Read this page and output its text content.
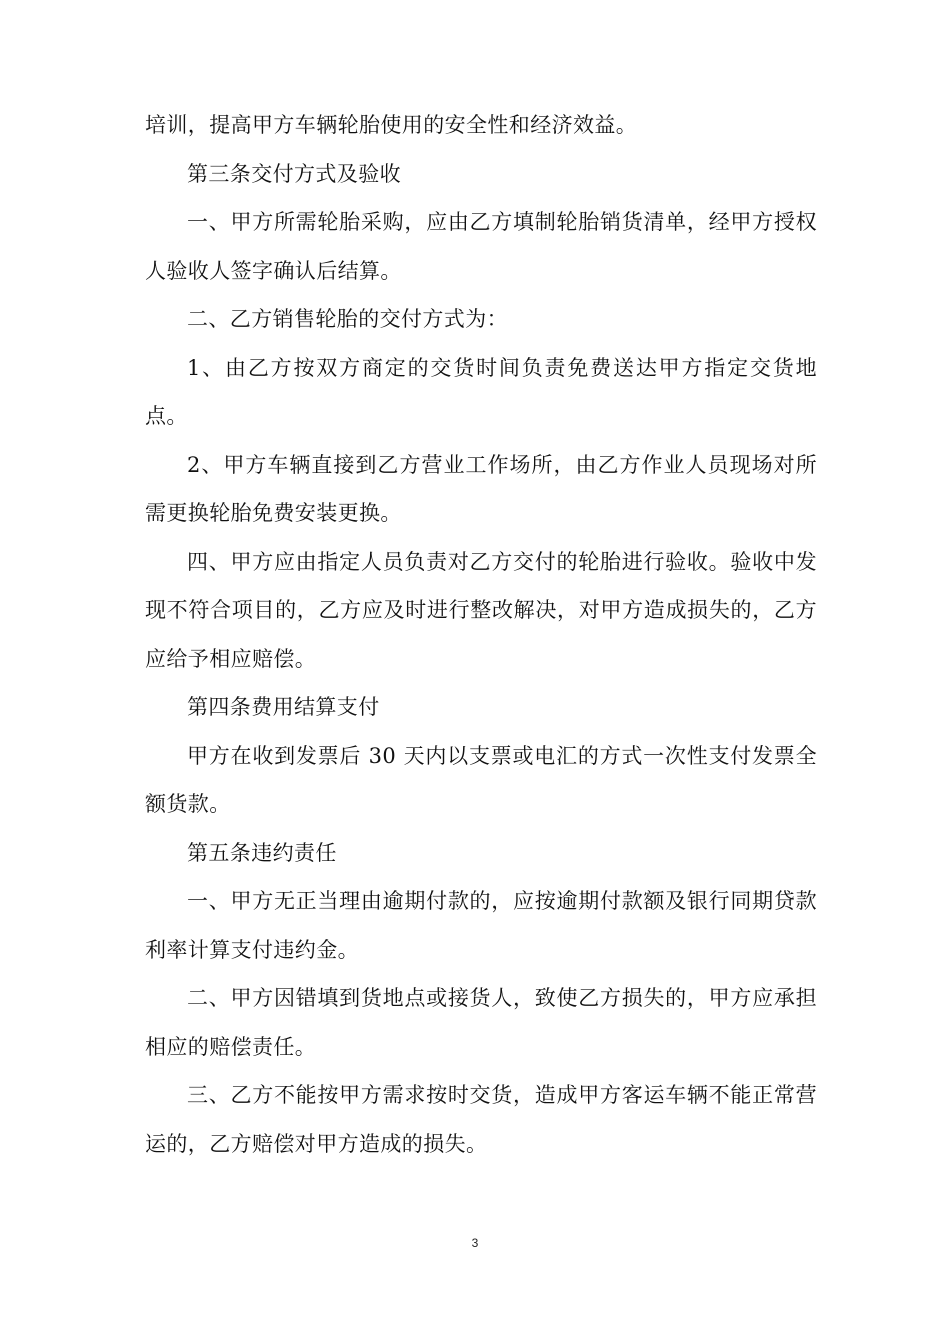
培训，提高甲方车辆轮胎使用的安全性和经济效益。

第三条交付方式及验收

一、甲方所需轮胎采购，应由乙方填制轮胎销货清单，经甲方授权人验收人签字确认后结算。

二、乙方销售轮胎的交付方式为：

1、由乙方按双方商定的交货时间负责免费送达甲方指定交货地点。

2、甲方车辆直接到乙方营业工作场所，由乙方作业人员现场对所需更换轮胎免费安装更换。

四、甲方应由指定人员负责对乙方交付的轮胎进行验收。验收中发现不符合项目的，乙方应及时进行整改解决，对甲方造成损失的，乙方应给予相应赔偿。

第四条费用结算支付

甲方在收到发票后 30 天内以支票或电汇的方式一次性支付发票全额货款。

第五条违约责任

一、甲方无正当理由逾期付款的，应按逾期付款额及银行同期贷款利率计算支付违约金。

二、甲方因错填到货地点或接货人，致使乙方损失的，甲方应承担相应的赔偿责任。

三、乙方不能按甲方需求按时交货，造成甲方客运车辆不能正常营运的，乙方赔偿对甲方造成的损失。

3
